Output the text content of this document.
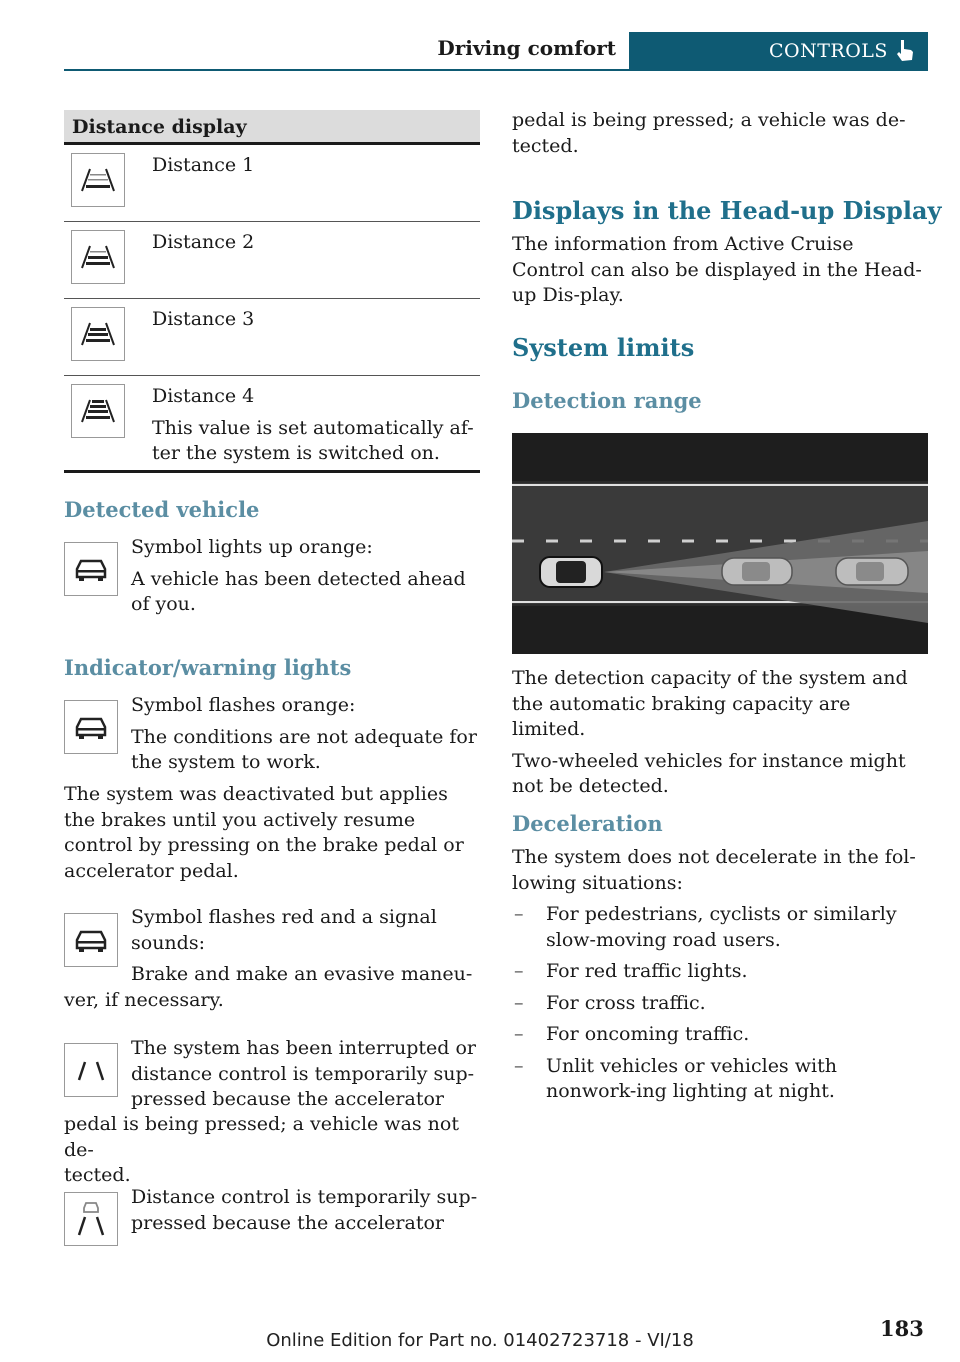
Driving comfort	CONTROLS
Distance display

Distance 1

Distance 2

Distance 3

Distance 4

This value is set automatically af-ter the system is switched on.

Detected vehicle

Symbol lights up orange:

A vehicle has been detected ahead of you.

Indicator/warning lights

Symbol flashes orange:

The conditions are not adequate for the system to work.

The system was deactivated but applies the brakes until you actively resume control by pressing on the brake pedal or accelerator pedal.

Symbol flashes red and a signal sounds:

Brake and make an evasive maneu-ver, if necessary.

The system has been interrupted or

distance control is temporarily sup-

pressed because the accelerator

pedal is being pressed; a vehicle was not de-

tected.

Distance control is temporarily sup-

pressed because the accelerator

pedal is being pressed; a vehicle was de-

tected.

Displays in the Head-up Display

The information from Active Cruise Control can also be displayed in the Head-up Dis-play.

System limits
Detection range

The detection capacity of the system and the automatic braking capacity are limited.

Two-wheeled vehicles for instance might not be detected.

Deceleration

The system does not decelerate in the fol-lowing situations:

– For pedestrians, cyclists or similarly slow-moving road users.
– For red traffic lights.
– For cross traffic.
– For oncoming traffic.
– Unlit vehicles or vehicles with nonwork-ing lighting at night.
183
Online Edition for Part no. 01402723718 - VI/18
